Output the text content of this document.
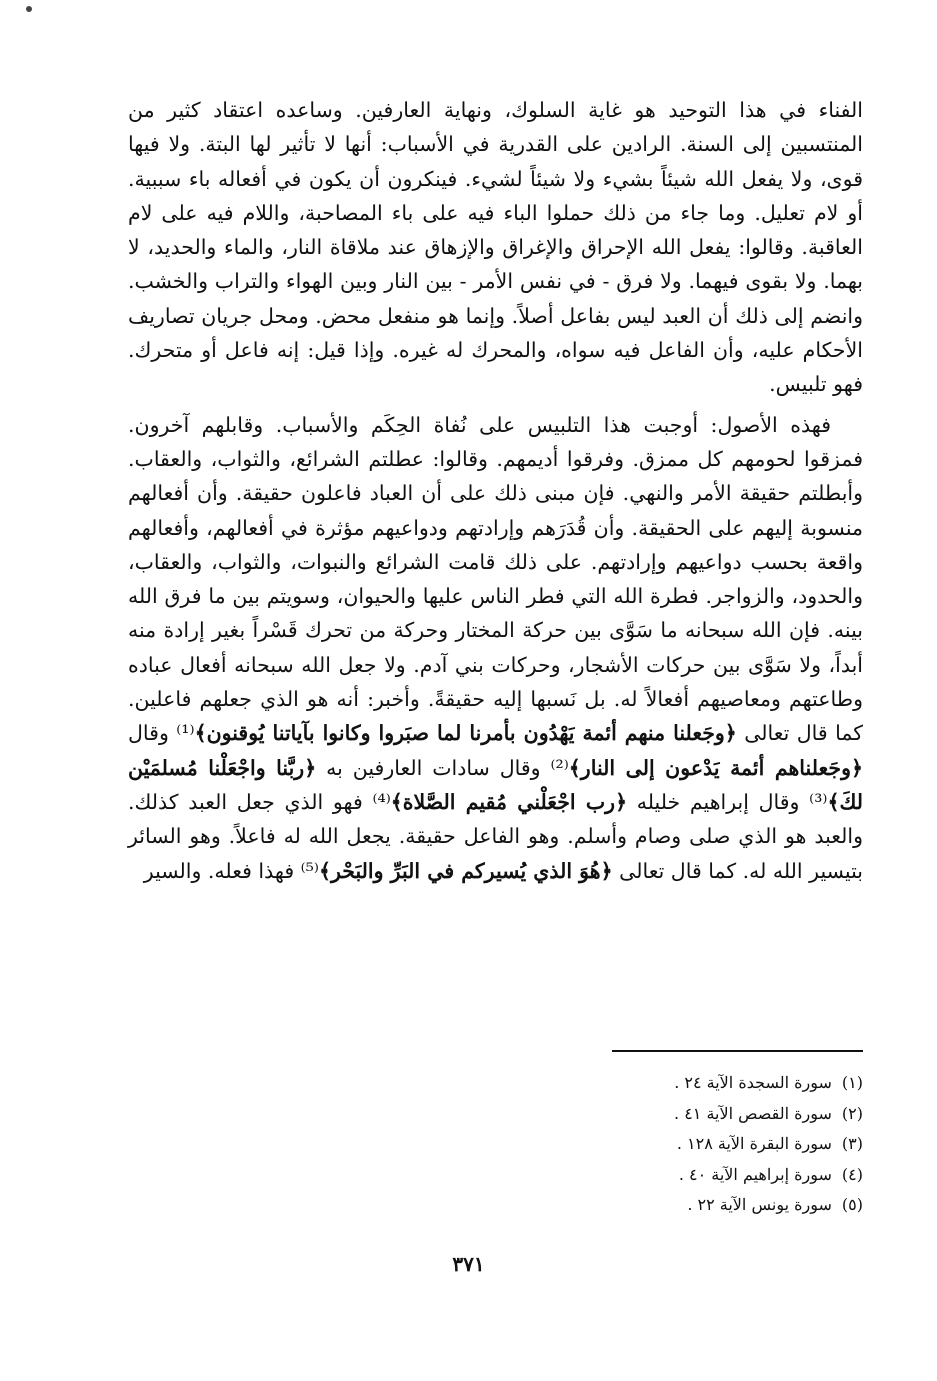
الفناء في هذا التوحيد هو غاية السلوك، ونهاية العارفين. وساعده اعتقاد كثير من المنتسبين إلى السنة. الرادين على القدرية في الأسباب: أنها لا تأثير لها البتة. ولا فيها قوى، ولا يفعل الله شيئاً بشيء ولا شيئاً لشيء. فينكرون أن يكون في أفعاله باء سببية. أو لام تعليل. وما جاء من ذلك حملوا الباء فيه على باء المصاحبة، واللام فيه على لام العاقبة. وقالوا: يفعل الله الإحراق والإغراق والإزهاق عند ملاقاة النار، والماء والحديد، لا بهما. ولا بقوى فيهما. ولا فرق - في نفس الأمر - بين النار وبين الهواء والتراب والخشب. وانضم إلى ذلك أن العبد ليس بفاعل أصلاً. وإنما هو منفعل محض. ومحل جريان تصاريف الأحكام عليه، وأن الفاعل فيه سواه، والمحرك له غيره. وإذا قيل: إنه فاعل أو متحرك. فهو تلبيس.

فهذه الأصول: أوجبت هذا التلبيس على نُفاة الحِكَم والأسباب. وقابلهم آخرون. فمزقوا لحومهم كل ممزق. وفرقوا أديمهم. وقالوا: عطلتم الشرائع، والثواب، والعقاب. وأبطلتم حقيقة الأمر والنهي. فإن مبنى ذلك على أن العباد فاعلون حقيقة. وأن أفعالهم منسوبة إليهم على الحقيقة. وأن قُدَرَهم وإرادتهم ودواعيهم مؤثرة في أفعالهم، وأفعالهم واقعة بحسب دواعيهم وإرادتهم. على ذلك قامت الشرائع والنبوات، والثواب، والعقاب، والحدود، والزواجر. فطرة الله التي فطر الناس عليها والحيوان، وسويتم بين ما فرق الله بينه. فإن الله سبحانه ما سَوَّى بين حركة المختار وحركة من تحرك قَسْراً بغير إرادة منه أبداً، ولا سَوَّى بين حركات الأشجار، وحركات بني آدم. ولا جعل الله سبحانه أفعال عباده وطاعتهم ومعاصيهم أفعالاً له. بل نَسبها إليه حقيقةً. وأخبر: أنه هو الذي جعلهم فاعلين. كما قال تعالى ﴿وجَعلنا منهم أئمة يَهْدُون بأمرنا لما صبَروا وكانوا بآياتنا يُوقنون﴾⁽¹⁾ وقال ﴿وجَعلناهم أئمة يَدْعون إلى النار﴾⁽²⁾ وقال سادات العارفين به ﴿ربَّنا واجْعَلْنا مُسلمَيْن لكَ﴾⁽³⁾ وقال إبراهيم خليله ﴿رب اجْعَلْني مُقيم الصَّلاة﴾⁽⁴⁾ فهو الذي جعل العبد كذلك. والعبد هو الذي صلى وصام وأسلم. وهو الفاعل حقيقة. يجعل الله له فاعلاً. وهو السائر بتيسير الله له. كما قال تعالى ﴿هُوَ الذي يُسيركم في البَرِّ والبَحْر﴾⁽⁵⁾ فهذا فعله. والسير

(١)سورة السجدة الآية ٢٤ .
(٢)سورة القصص الآية ٤١ .
(٣)سورة البقرة الآية ١٢٨ .
(٤)سورة إبراهيم الآية ٤٠ .
(٥)سورة يونس الآية ٢٢ .
٣٧١
